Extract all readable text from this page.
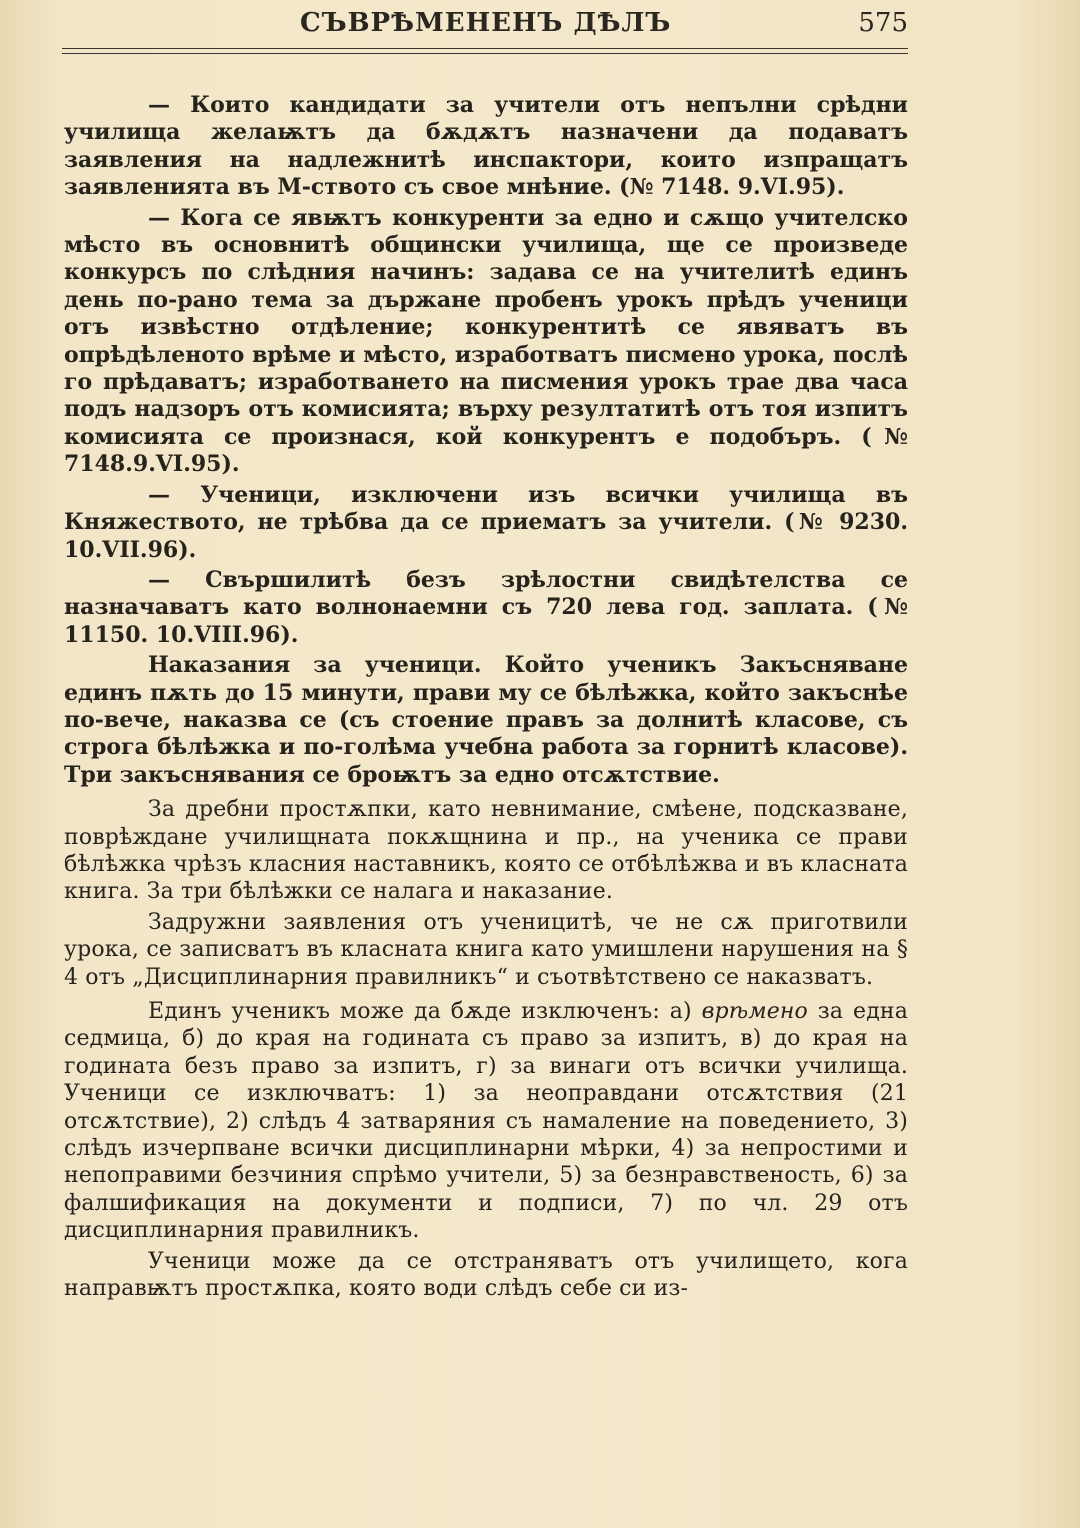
СЪВРѢМЕНЕНЪ ДѢЛЪ	575

— Които кандидати за учители отъ непълни срѣдни училища желаѭтъ да бѫдѫтъ назначени да подаватъ заявления на надлежнитѣ инспактори, които изпращатъ заявленията въ М-ството съ свое мнѣние. (№ 7148. 9.VI.95).

— Кога се явѭтъ конкуренти за едно и сѫщо учителско мѣсто въ основнитѣ общински училища, ще се произведе конкурсъ по слѣдния начинъ: задава се на учителитѣ единъ день по-рано тема за държане пробенъ урокъ прѣдъ ученици отъ извѣстно отдѣление; конкурентитѣ се явяватъ въ опрѣдѣленото врѣме и мѣсто, изработватъ писмено урока, послѣ го прѣдаватъ; изработването на писмения урокъ трае два часа подъ надзоръ отъ комисията; върху резултатитѣ отъ тоя изпитъ комисията се произнася, кой конкурентъ е подобъръ. (№ 7148.9.VI.95).

— Ученици, изключени изъ всички училища въ Княжеството, не трѣбва да се приематъ за учители. (№ 9230. 10.VII.96).

— Свършилитѣ безъ зрѣлостни свидѣтелства се назначаватъ като волнонаемни съ 720 лева год. заплата. (№ 11150. 10.VIII.96).

Наказания за ученици. Който ученикъ Закъсняване единъ пѫть до 15 минути, прави му се бѣлѣжка, който закъснѣе по-вече, наказва се (съ стоение правъ за долнитѣ класове, съ строга бѣлѣжка и по-голѣма учебна работа за горнитѣ класове). Три закъснявания се броѭтъ за едно отсѫтствие.

За дребни простѫпки, като невнимание, смѣене, подсказване, поврѣждане училищната покѫщнина и пр., на ученика се прави бѣлѣжка чрѣзъ класния наставникъ, която се отбѣлѣжва и въ класната книга. За три бѣлѣжки се налага и наказание.

Задружни заявления отъ ученицитѣ, че не сѫ приготвили урока, се записватъ въ класната книга като умишлени нарушения на § 4 отъ „Дисциплинарния правилникъ“ и съотвѣтствено се наказватъ.

Единъ ученикъ може да бѫде изключенъ: а) врѣмено за една седмица, б) до края на годината съ право за изпитъ, в) до края на годината безъ право за изпитъ, г) за винаги отъ всички училища. Ученици се изключватъ: 1) за неоправдани отсѫтствия (21 отсѫтствие), 2) слѣдъ 4 затваряния съ намаление на поведението, 3) слѣдъ изчерпване всички дисциплинарни мѣрки, 4) за непростими и непоправими безчиния спрѣмо учители, 5) за безнравственость, 6) за фалшификация на документи и подписи, 7) по чл. 29 отъ дисциплинарния правилникъ.

Ученици може да се отстраняватъ отъ училището, кога направѭтъ простѫпка, която води слѣдъ себе си из-
